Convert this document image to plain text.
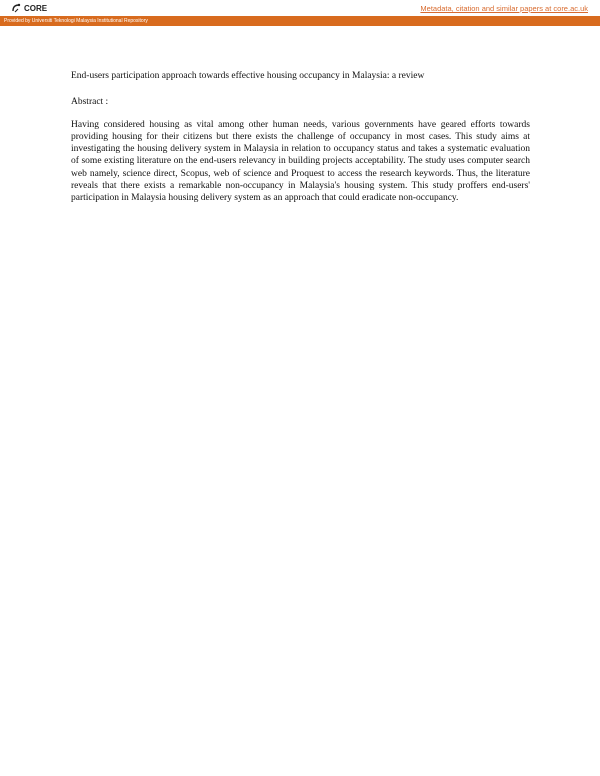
CORE	Metadata, citation and similar papers at core.ac.uk
Provided by Universiti Teknologi Malaysia Institutional Repository
End-users participation approach towards effective housing occupancy in Malaysia: a review
Abstract :
Having considered housing as vital among other human needs, various governments have geared efforts towards providing housing for their citizens but there exists the challenge of occupancy in most cases. This study aims at investigating the housing delivery system in Malaysia in relation to occupancy status and takes a systematic evaluation of some existing literature on the end-users relevancy in building projects acceptability. The study uses computer search web namely, science direct, Scopus, web of science and Proquest to access the research keywords. Thus, the literature reveals that there exists a remarkable non-occupancy in Malaysia's housing system. This study proffers end-users' participation in Malaysia housing delivery system as an approach that could eradicate non-occupancy.
